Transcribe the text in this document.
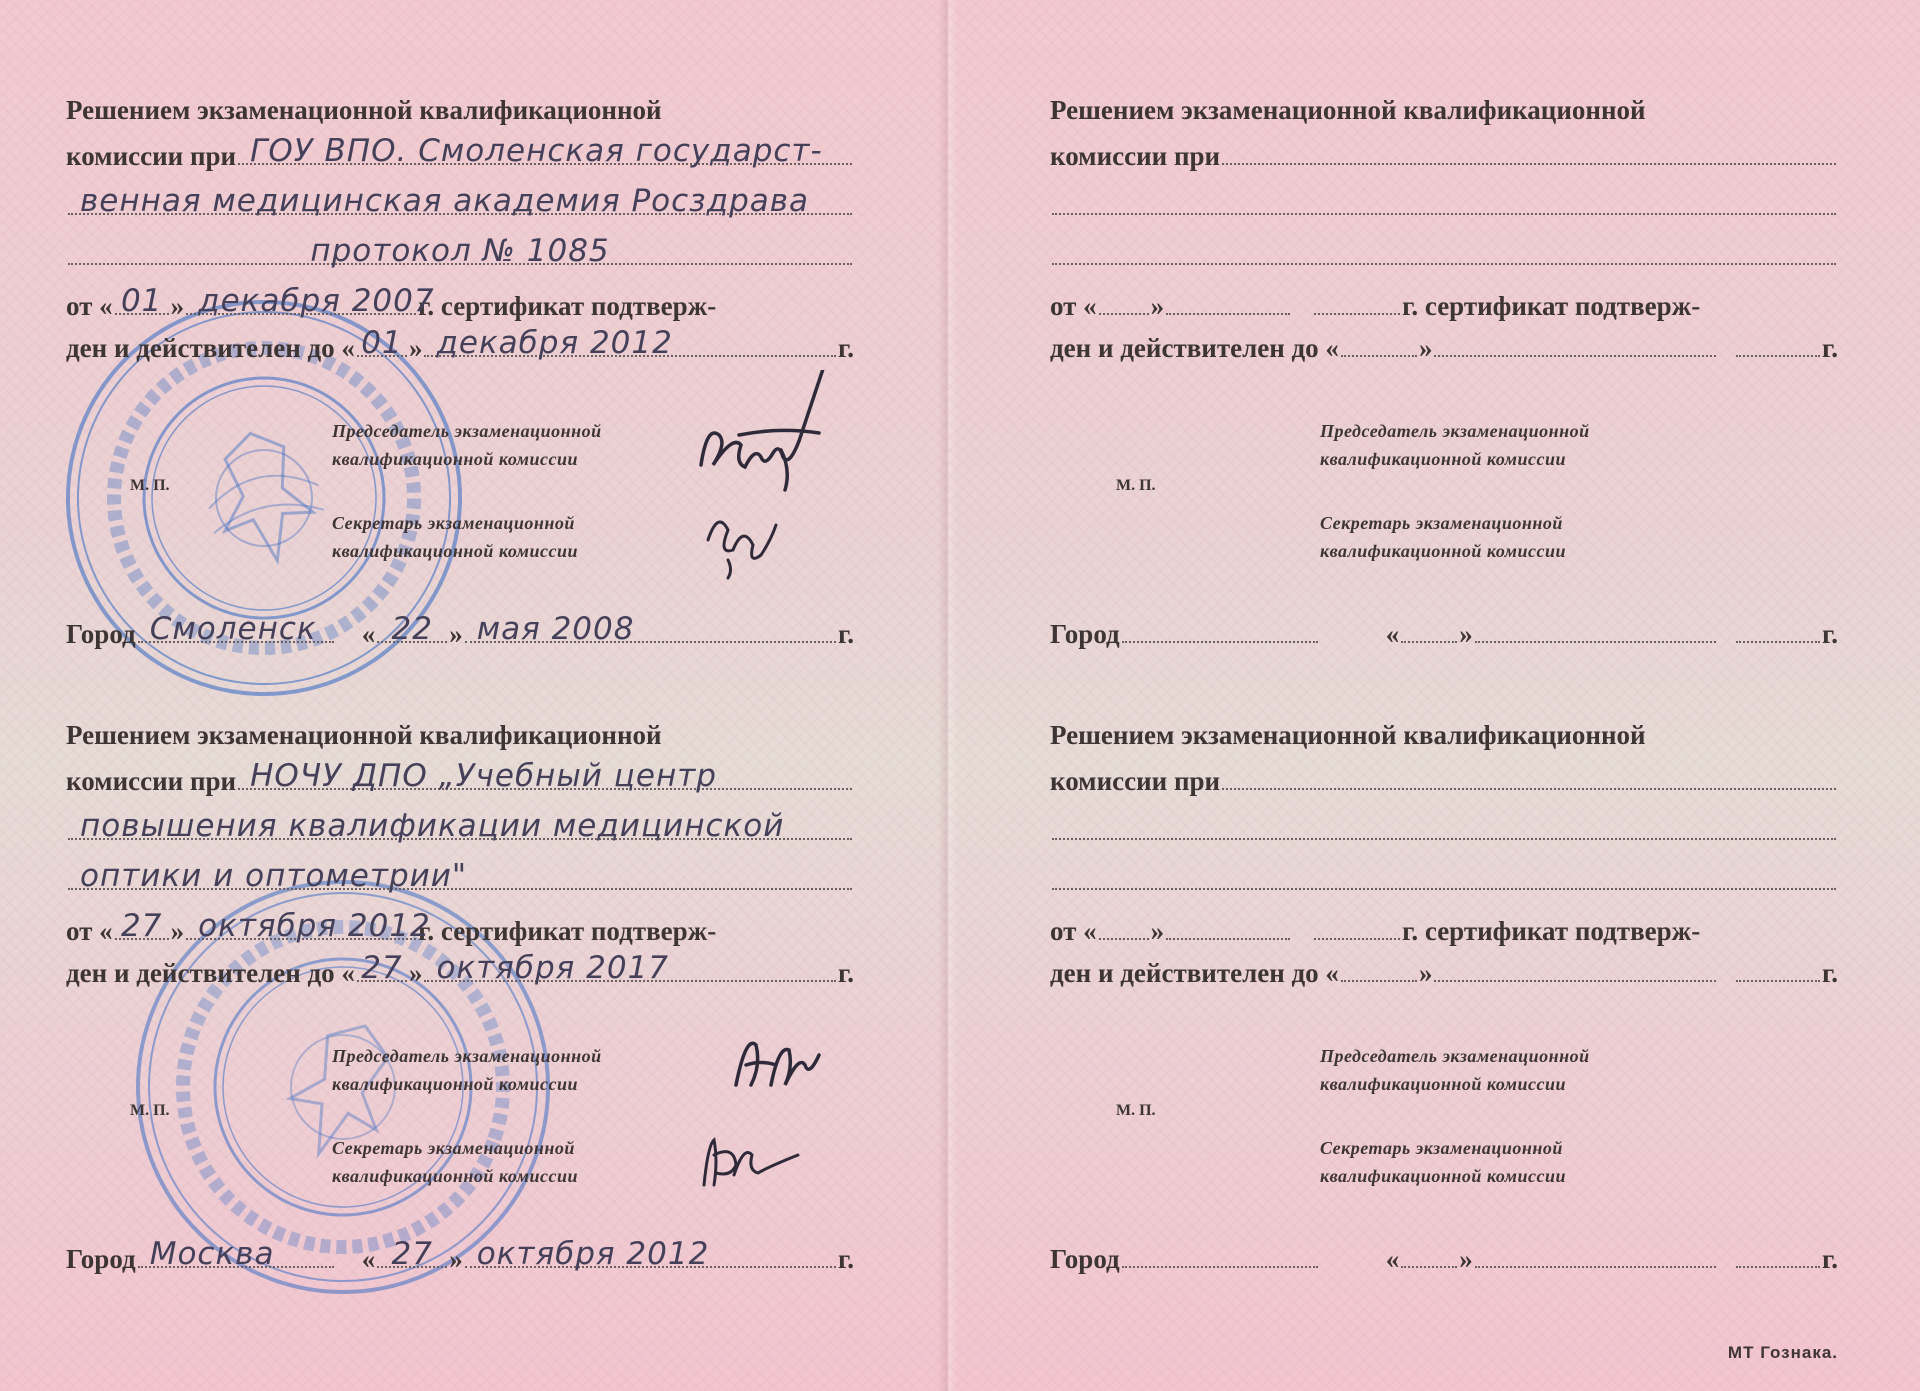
Решением экзаменационной квалификационной
комиссии при ГОУ ВПО. Смоленская государст-
венная медицинская академия Росздрава
протокол № 1085
от « 01 » декабря 2007
г. сертификат подтверж-
ден и действителен до « 01 » декабря 2012	г.
Председатель экзаменационной
квалификационной комиссии
М. П.
Секретарь экзаменационной
квалификационной комиссии
Город Смоленск « 22 » мая 2008	г.
Решением экзаменационной квалификационной
комиссии при НОЧУ ДПО „Учебный центр
повышения квалификации медицинской
оптики и оптометрии"
от « 27 » октября 2012
г. сертификат подтверж-
ден и действителен до « 27 » октября 2017	г.
Председатель экзаменационной
квалификационной комиссии
М. П.
Секретарь экзаменационной
квалификационной комиссии
Город Москва	« 27 » октября 2012	г.
Решением экзаменационной квалификационной
комиссии при
от « »	г. сертификат подтверж-
ден и действителен до «	»	г.
Председатель экзаменационной
квалификационной комиссии
М. П.
Секретарь экзаменационной
квалификационной комиссии
Город	« »	г.
Решением экзаменационной квалификационной
комиссии при
от « »	г. сертификат подтверж-
ден и действителен до «	»	г.
Председатель экзаменационной
квалификационной комиссии
М. П.
Секретарь экзаменационной
квалификационной комиссии
Город	« »	г.
МТ Гознака.
